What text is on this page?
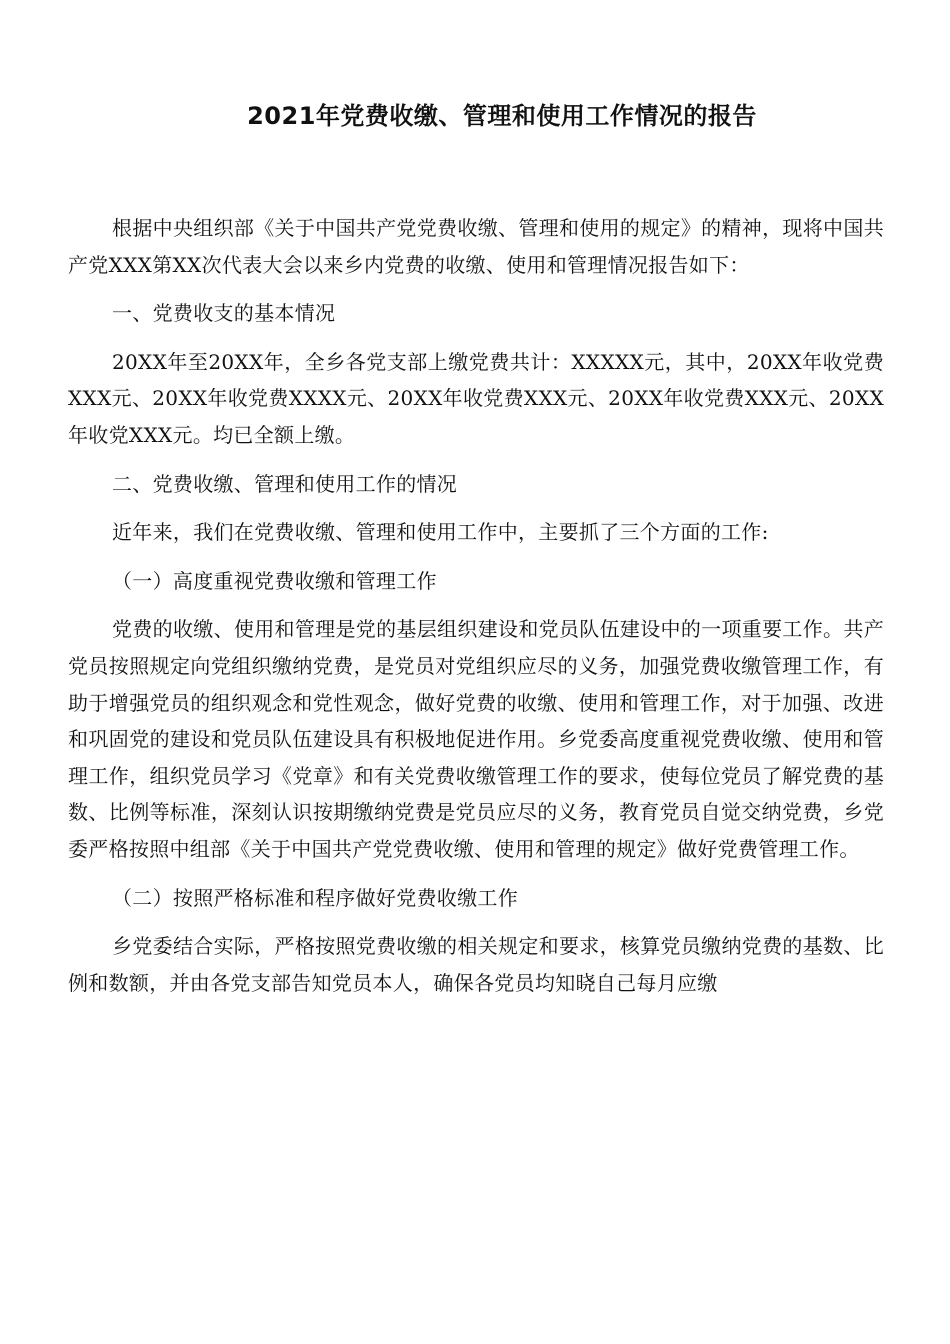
2021年党费收缴、管理和使用工作情况的报告

根据中央组织部《关于中国共产党党费收缴、管理和使用的规定》的精神，现将中国共产党XXX第XX次代表大会以来乡内党费的收缴、使用和管理情况报告如下：

一、党费收支的基本情况

20XX年至20XX年，全乡各党支部上缴党费共计：XXXXX元，其中，20XX年收党费XXX元、20XX年收党费XXXX元、20XX年收党费XXX元、20XX年收党费XXX元、20XX年收党XXX元。均已全额上缴。

二、党费收缴、管理和使用工作的情况

近年来，我们在党费收缴、管理和使用工作中，主要抓了三个方面的工作:

（一）高度重视党费收缴和管理工作

党费的收缴、使用和管理是党的基层组织建设和党员队伍建设中的一项重要工作。共产党员按照规定向党组织缴纳党费，是党员对党组织应尽的义务，加强党费收缴管理工作，有助于增强党员的组织观念和党性观念，做好党费的收缴、使用和管理工作，对于加强、改进和巩固党的建设和党员队伍建设具有积极地促进作用。乡党委高度重视党费收缴、使用和管理工作，组织党员学习《党章》和有关党费收缴管理工作的要求，使每位党员了解党费的基数、比例等标准，深刻认识按期缴纳党费是党员应尽的义务，教育党员自觉交纳党费，乡党委严格按照中组部《关于中国共产党党费收缴、使用和管理的规定》做好党费管理工作。

（二）按照严格标准和程序做好党费收缴工作

乡党委结合实际，严格按照党费收缴的相关规定和要求，核算党员缴纳党费的基数、比例和数额，并由各党支部告知党员本人，确保各党员均知晓自己每月应缴
